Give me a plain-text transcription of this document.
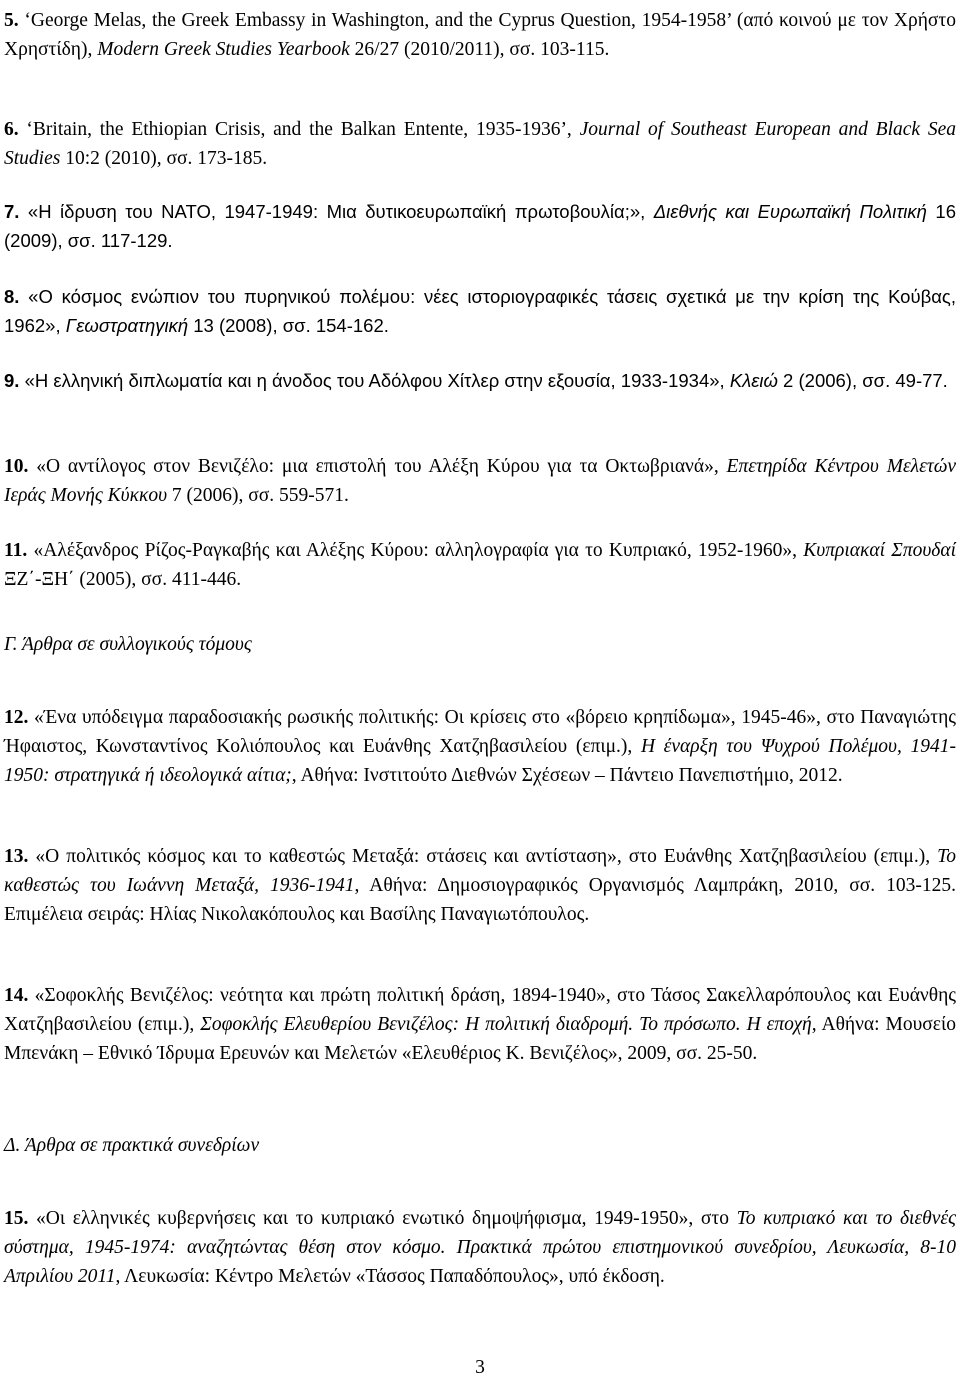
5. ‘George Melas, the Greek Embassy in Washington, and the Cyprus Question, 1954-1958’ (από κοινού με τον Χρήστο Χρηστίδη), Modern Greek Studies Yearbook 26/27 (2010/2011), σσ. 103-115.

6. ‘Britain, the Ethiopian Crisis, and the Balkan Entente, 1935-1936’, Journal of Southeast European and Black Sea Studies 10:2 (2010), σσ. 173-185.

7. «Η ίδρυση του ΝΑΤΟ, 1947-1949: Μια δυτικοευρωπαϊκή πρωτοβουλία;», Διεθνής και Ευρωπαϊκή Πολιτική 16 (2009), σσ. 117-129.

8. «Ο κόσμος ενώπιον του πυρηνικού πολέμου: νέες ιστοριογραφικές τάσεις σχετικά με την κρίση της Κούβας, 1962», Γεωστρατηγική 13 (2008), σσ. 154-162.

9. «Η ελληνική διπλωματία και η άνοδος του Αδόλφου Χίτλερ στην εξουσία, 1933-1934», Κλειώ 2 (2006), σσ. 49-77.

10. «Ο αντίλογος στον Βενιζέλο: μια επιστολή του Αλέξη Κύρου για τα Οκτωβριανά», Επετηρίδα Κέντρου Μελετών Ιεράς Μονής Κύκκου 7 (2006), σσ. 559-571.

11. «Αλέξανδρος Ρίζος-Ραγκαβής και Αλέξης Κύρου: αλληλογραφία για το Κυπριακό, 1952-1960», Κυπριακαί Σπουδαί ΞΖ΄-ΞΗ΄ (2005), σσ. 411-446.

Γ. Άρθρα σε συλλογικούς τόμους

12. «Ένα υπόδειγμα παραδοσιακής ρωσικής πολιτικής: Οι κρίσεις στο «βόρειο κρηπίδωμα», 1945-46», στο Παναγιώτης Ήφαιστος, Κωνσταντίνος Κολιόπουλος και Ευάνθης Χατζηβασιλείου (επιμ.), Η έναρξη του Ψυχρού Πολέμου, 1941-1950: στρατηγικά ή ιδεολογικά αίτια;, Αθήνα: Ινστιτούτο Διεθνών Σχέσεων – Πάντειο Πανεπιστήμιο, 2012.

13. «Ο πολιτικός κόσμος και το καθεστώς Μεταξά: στάσεις και αντίσταση», στο Ευάνθης Χατζηβασιλείου (επιμ.), Το καθεστώς του Ιωάννη Μεταξά, 1936-1941, Αθήνα: Δημοσιογραφικός Οργανισμός Λαμπράκη, 2010, σσ. 103-125. Επιμέλεια σειράς: Ηλίας Νικολακόπουλος και Βασίλης Παναγιωτόπουλος.

14. «Σοφοκλής Βενιζέλος: νεότητα και πρώτη πολιτική δράση, 1894-1940», στο Τάσος Σακελλαρόπουλος και Ευάνθης Χατζηβασιλείου (επιμ.), Σοφοκλής Ελευθερίου Βενιζέλος: Η πολιτική διαδρομή. Το πρόσωπο. Η εποχή, Αθήνα: Μουσείο Μπενάκη – Εθνικό Ίδρυμα Ερευνών και Μελετών «Ελευθέριος Κ. Βενιζέλος», 2009, σσ. 25-50.

Δ. Άρθρα σε πρακτικά συνεδρίων

15. «Οι ελληνικές κυβερνήσεις και το κυπριακό ενωτικό δημοψήφισμα, 1949-1950», στο Το κυπριακό και το διεθνές σύστημα, 1945-1974: αναζητώντας θέση στον κόσμο. Πρακτικά πρώτου επιστημονικού συνεδρίου, Λευκωσία, 8-10 Απριλίου 2011, Λευκωσία: Κέντρο Μελετών «Τάσσος Παπαδόπουλος», υπό έκδοση.

3
